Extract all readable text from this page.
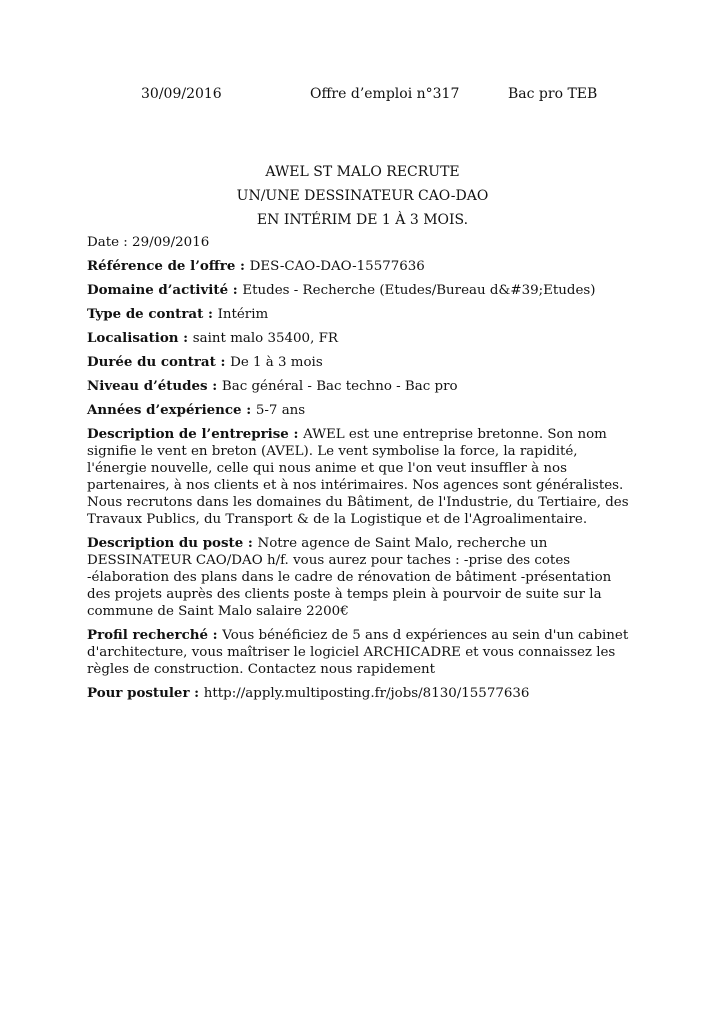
30/09/2016	Offre d’emploi n°317	Bac pro TEB
AWEL ST MALO RECRUTE
UN/UNE DESSINATEUR CAO-DAO
EN INTÉRIM DE 1 À 3 MOIS.
Date : 29/09/2016
Référence de l’offre : DES-CAO-DAO-15577636
Domaine d’activité : Etudes - Recherche (Etudes/Bureau d&#39;Etudes)
Type de contrat : Intérim
Localisation : saint malo 35400, FR
Durée du contrat : De 1 à 3 mois
Niveau d’études : Bac général - Bac techno - Bac pro
Années d’expérience : 5-7 ans
Description de l’entreprise : AWEL est une entreprise bretonne. Son nom signifie le vent en breton (AVEL). Le vent symbolise la force, la rapidité, l'énergie nouvelle, celle qui nous anime et que l'on veut insuffler à nos partenaires, à nos clients et à nos intérimaires. Nos agences sont généralistes. Nous recrutons dans les domaines du Bâtiment, de l'Industrie, du Tertiaire, des Travaux Publics, du Transport & de la Logistique et de l'Agroalimentaire.
Description du poste : Notre agence de Saint Malo, recherche un DESSINATEUR CAO/DAO h/f. vous aurez pour taches : -prise des cotes -élaboration des plans dans le cadre de rénovation de bâtiment -présentation des projets auprès des clients poste à temps plein à pourvoir de suite sur la commune de Saint Malo salaire 2200€
Profil recherché : Vous bénéficiez de 5 ans d expériences au sein d'un cabinet d'architecture, vous maîtriser le logiciel ARCHICADRE et vous connaissez les règles de construction. Contactez nous rapidement
Pour postuler : http://apply.multiposting.fr/jobs/8130/15577636
